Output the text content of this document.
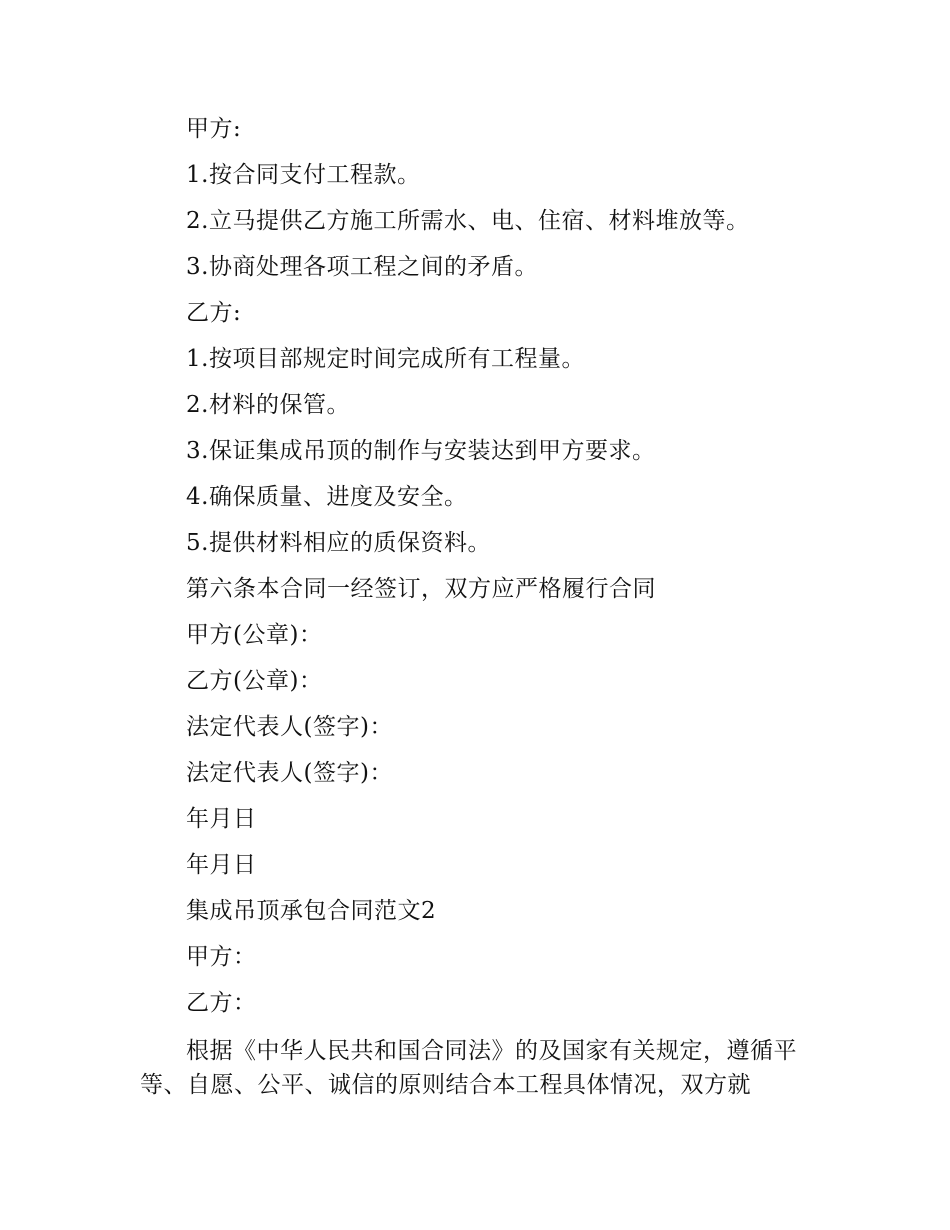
甲方:
1.按合同支付工程款。
2.立马提供乙方施工所需水、电、住宿、材料堆放等。
3.协商处理各项工程之间的矛盾。
乙方:
1.按项目部规定时间完成所有工程量。
2.材料的保管。
3.保证集成吊顶的制作与安装达到甲方要求。
4.确保质量、进度及安全。
5.提供材料相应的质保资料。
第六条本合同一经签订，双方应严格履行合同
甲方(公章)：
乙方(公章)：
法定代表人(签字)：
法定代表人(签字)：
年月日
年月日
集成吊顶承包合同范文2
甲方：
乙方：
根据《中华人民共和国合同法》的及国家有关规定，遵循平等、自愿、公平、诚信的原则结合本工程具体情况，双方就
